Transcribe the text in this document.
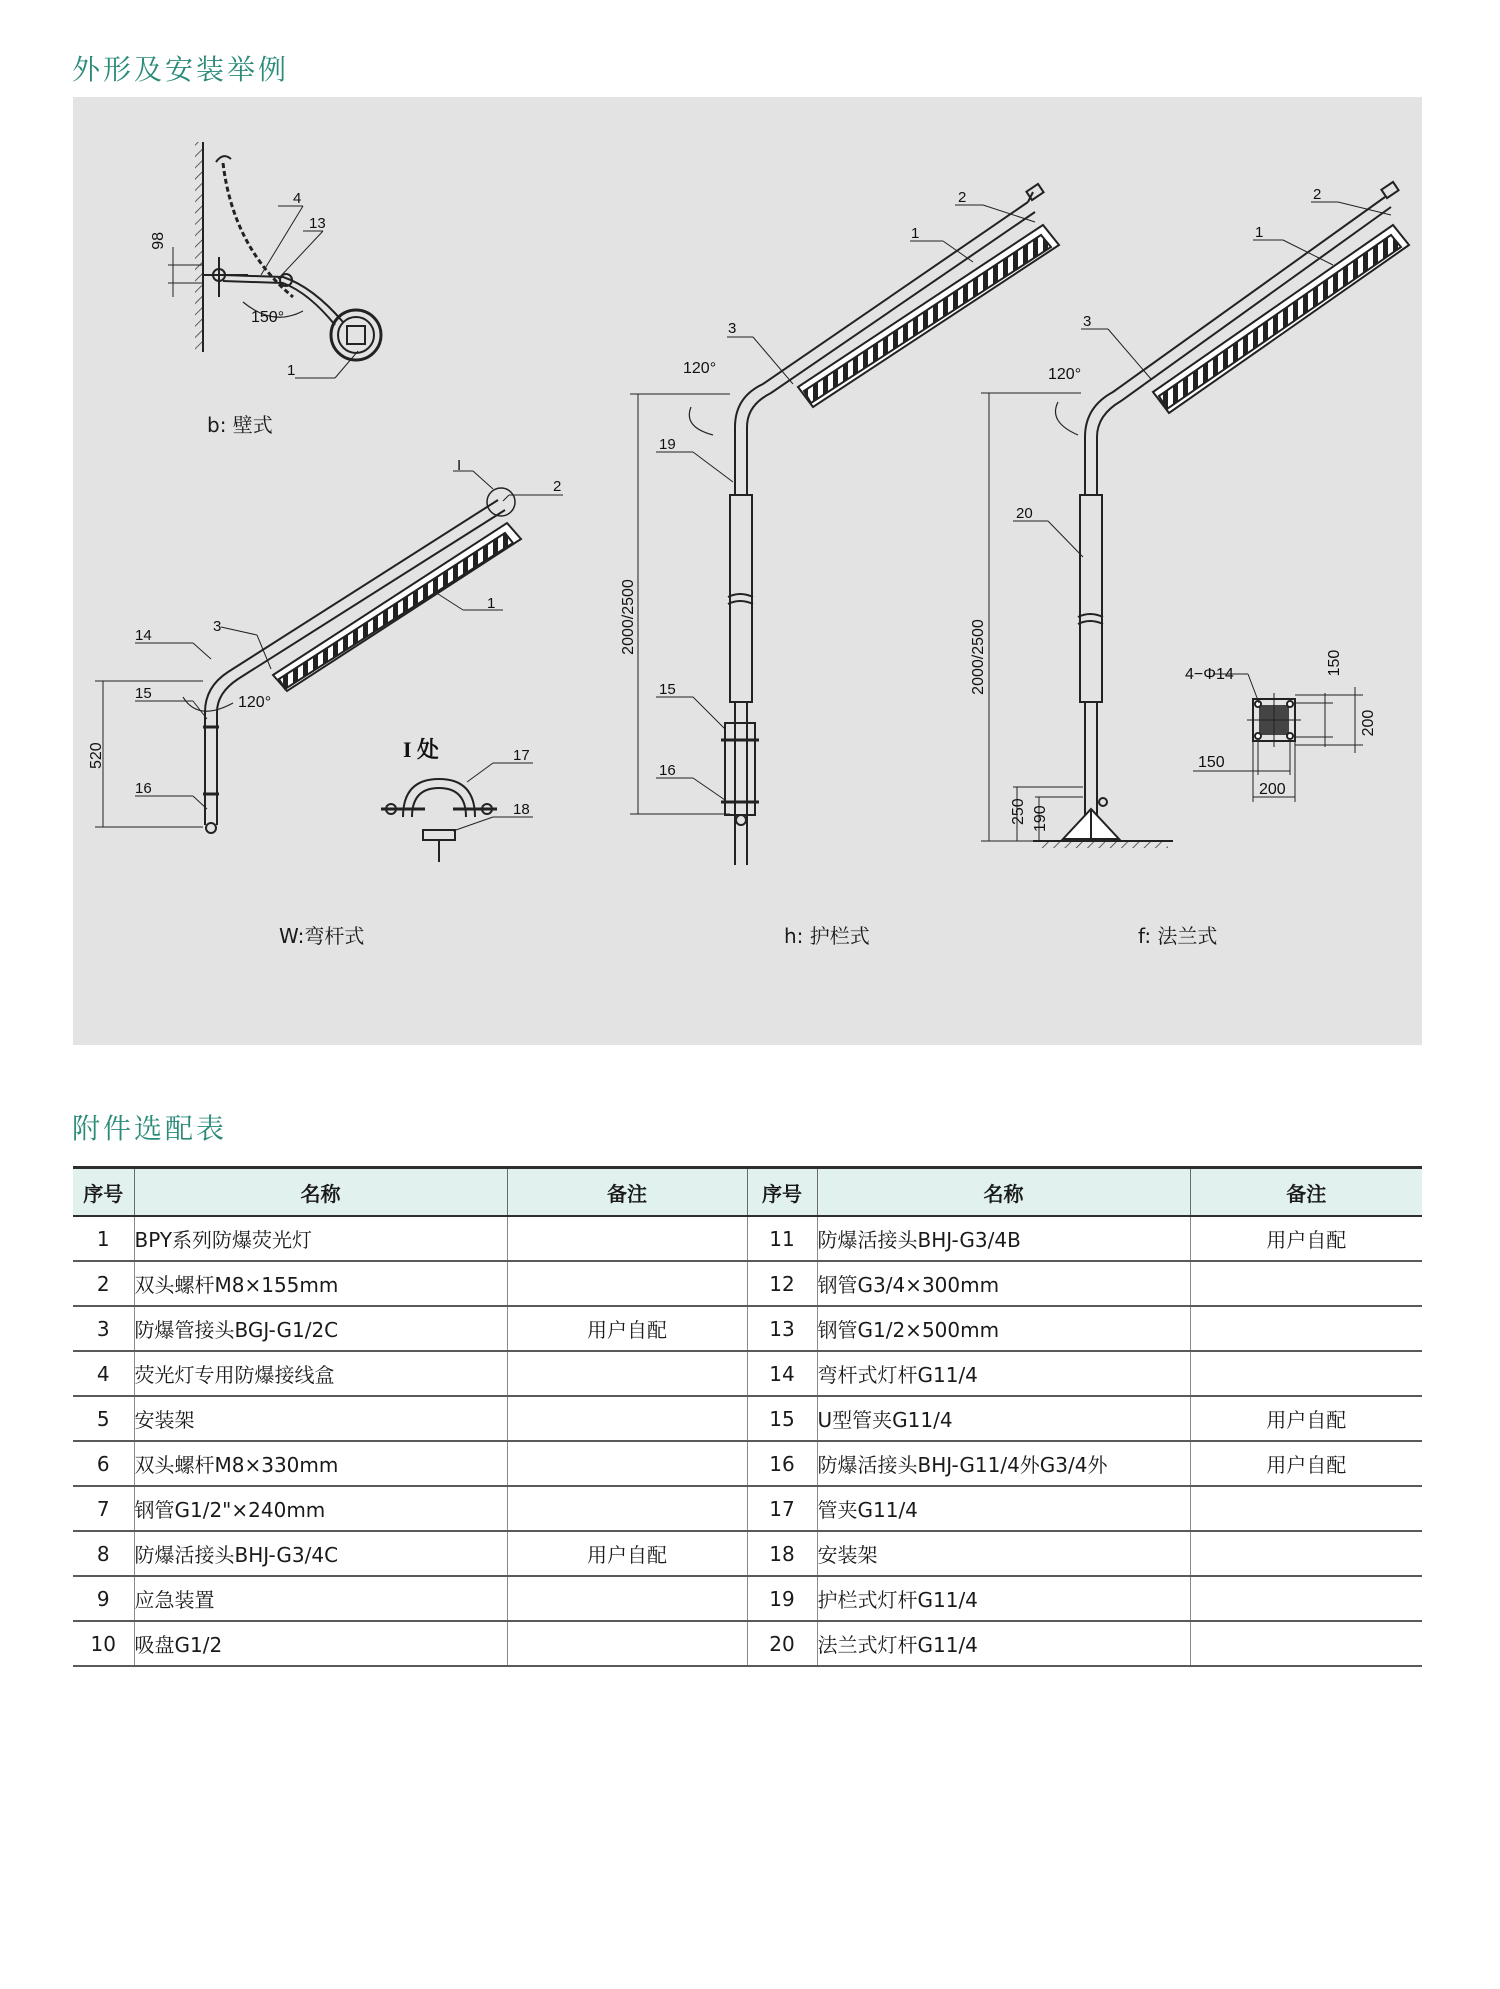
外形及安装举例
98
4
13
150°
1
I
2
1
3
14
15
16
120°
520	I 处	17
18
2
1
3
120°
19
15
16
2000/2500
2
1
3
120°
20
2000/2500
250 190
4−Φ14	150
200
150
200
b: 壁式
W:弯杆式	h: 护栏式	f: 法兰式
附件选配表
序号	名称	备注	序号	名称	备注
1	BPY系列防爆荧光灯		11	防爆活接头BHJ-G3/4B	用户自配
2	双头螺杆M8×155mm		12	钢管G3/4×300mm	
3	防爆管接头BGJ-G1/2C	用户自配	13	钢管G1/2×500mm	
4	荧光灯专用防爆接线盒		14	弯杆式灯杆G11/4	
5	安装架		15	U型管夹G11/4	用户自配
6	双头螺杆M8×330mm		16	防爆活接头BHJ-G11/4外G3/4外	用户自配
7	钢管G1/2"×240mm		17	管夹G11/4	
8	防爆活接头BHJ-G3/4C	用户自配	18	安装架	
9	应急装置		19	护栏式灯杆G11/4	
10	吸盘G1/2		20	法兰式灯杆G11/4	
